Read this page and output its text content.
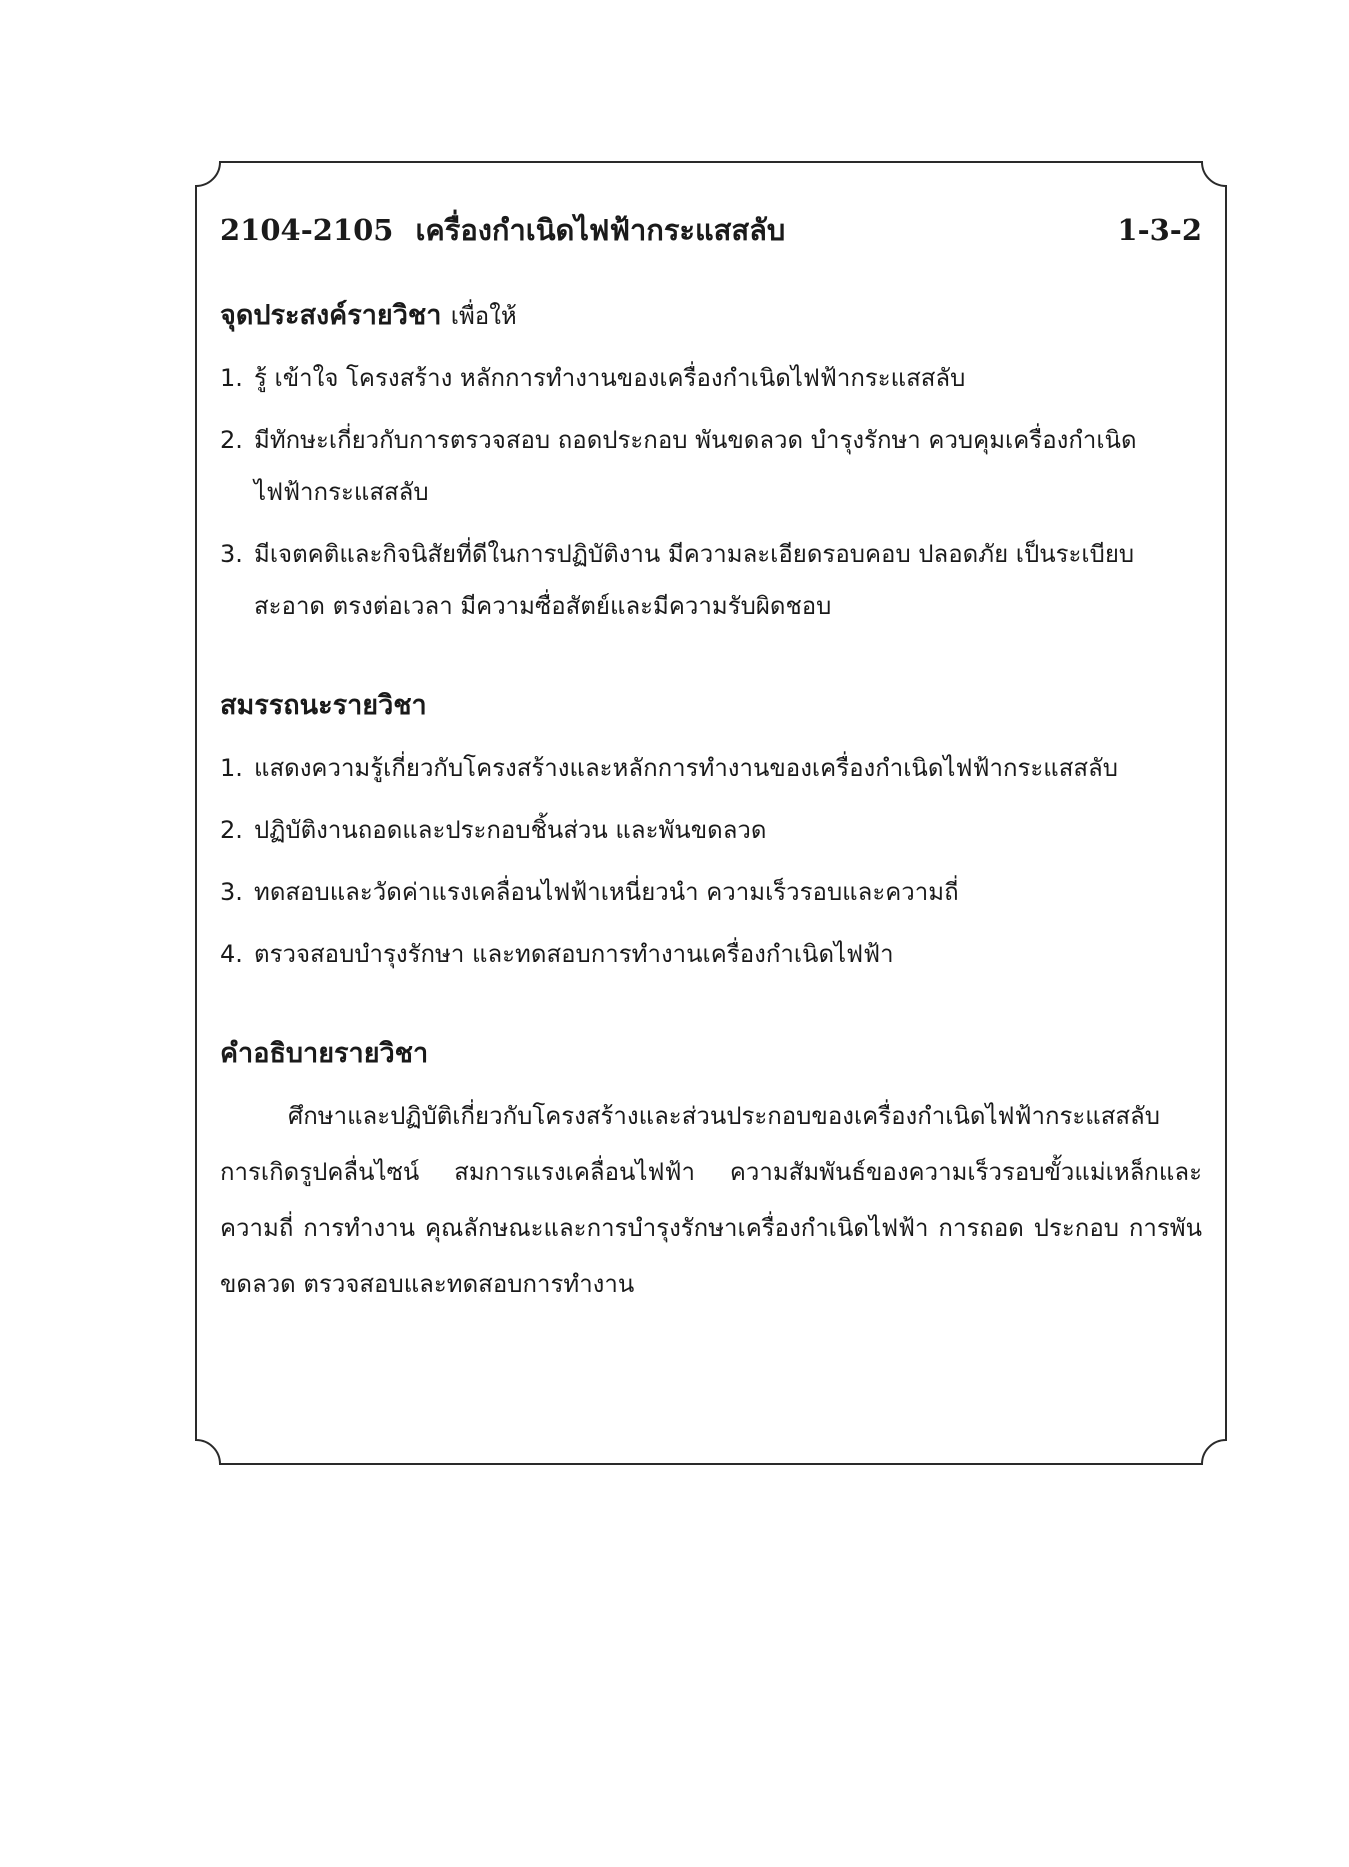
2104-2105 เครื่องกำเนิดไฟฟ้ากระแสสลับ	1-3-2
จุดประสงค์รายวิชา เพื่อให้
1. รู้ เข้าใจ โครงสร้าง หลักการทำงานของเครื่องกำเนิดไฟฟ้ากระแสสลับ
2. มีทักษะเกี่ยวกับการตรวจสอบ ถอดประกอบ พันขดลวด บำรุงรักษา ควบคุมเครื่องกำเนิดไฟฟ้ากระแสสลับ
3. มีเจตคติและกิจนิสัยที่ดีในการปฏิบัติงาน มีความละเอียดรอบคอบ ปลอดภัย เป็นระเบียบ สะอาด ตรงต่อเวลา มีความซื่อสัตย์และมีความรับผิดชอบ
สมรรถนะรายวิชา
1. แสดงความรู้เกี่ยวกับโครงสร้างและหลักการทำงานของเครื่องกำเนิดไฟฟ้ากระแสสลับ
2. ปฏิบัติงานถอดและประกอบชิ้นส่วน และพันขดลวด
3. ทดสอบและวัดค่าแรงเคลื่อนไฟฟ้าเหนี่ยวนำ ความเร็วรอบและความถี่
4. ตรวจสอบบำรุงรักษา และทดสอบการทำงานเครื่องกำเนิดไฟฟ้า
คำอธิบายรายวิชา

ศึกษาและปฏิบัติเกี่ยวกับโครงสร้างและส่วนประกอบของเครื่องกำเนิดไฟฟ้ากระแสสลับ การเกิดรูปคลื่นไซน์ สมการแรงเคลื่อนไฟฟ้า ความสัมพันธ์ของความเร็วรอบขั้วแม่เหล็กและความถี่ การทำงาน คุณลักษณะและการบำรุงรักษาเครื่องกำเนิดไฟฟ้า การถอด ประกอบ การพันขดลวด ตรวจสอบและทดสอบการทำงาน
